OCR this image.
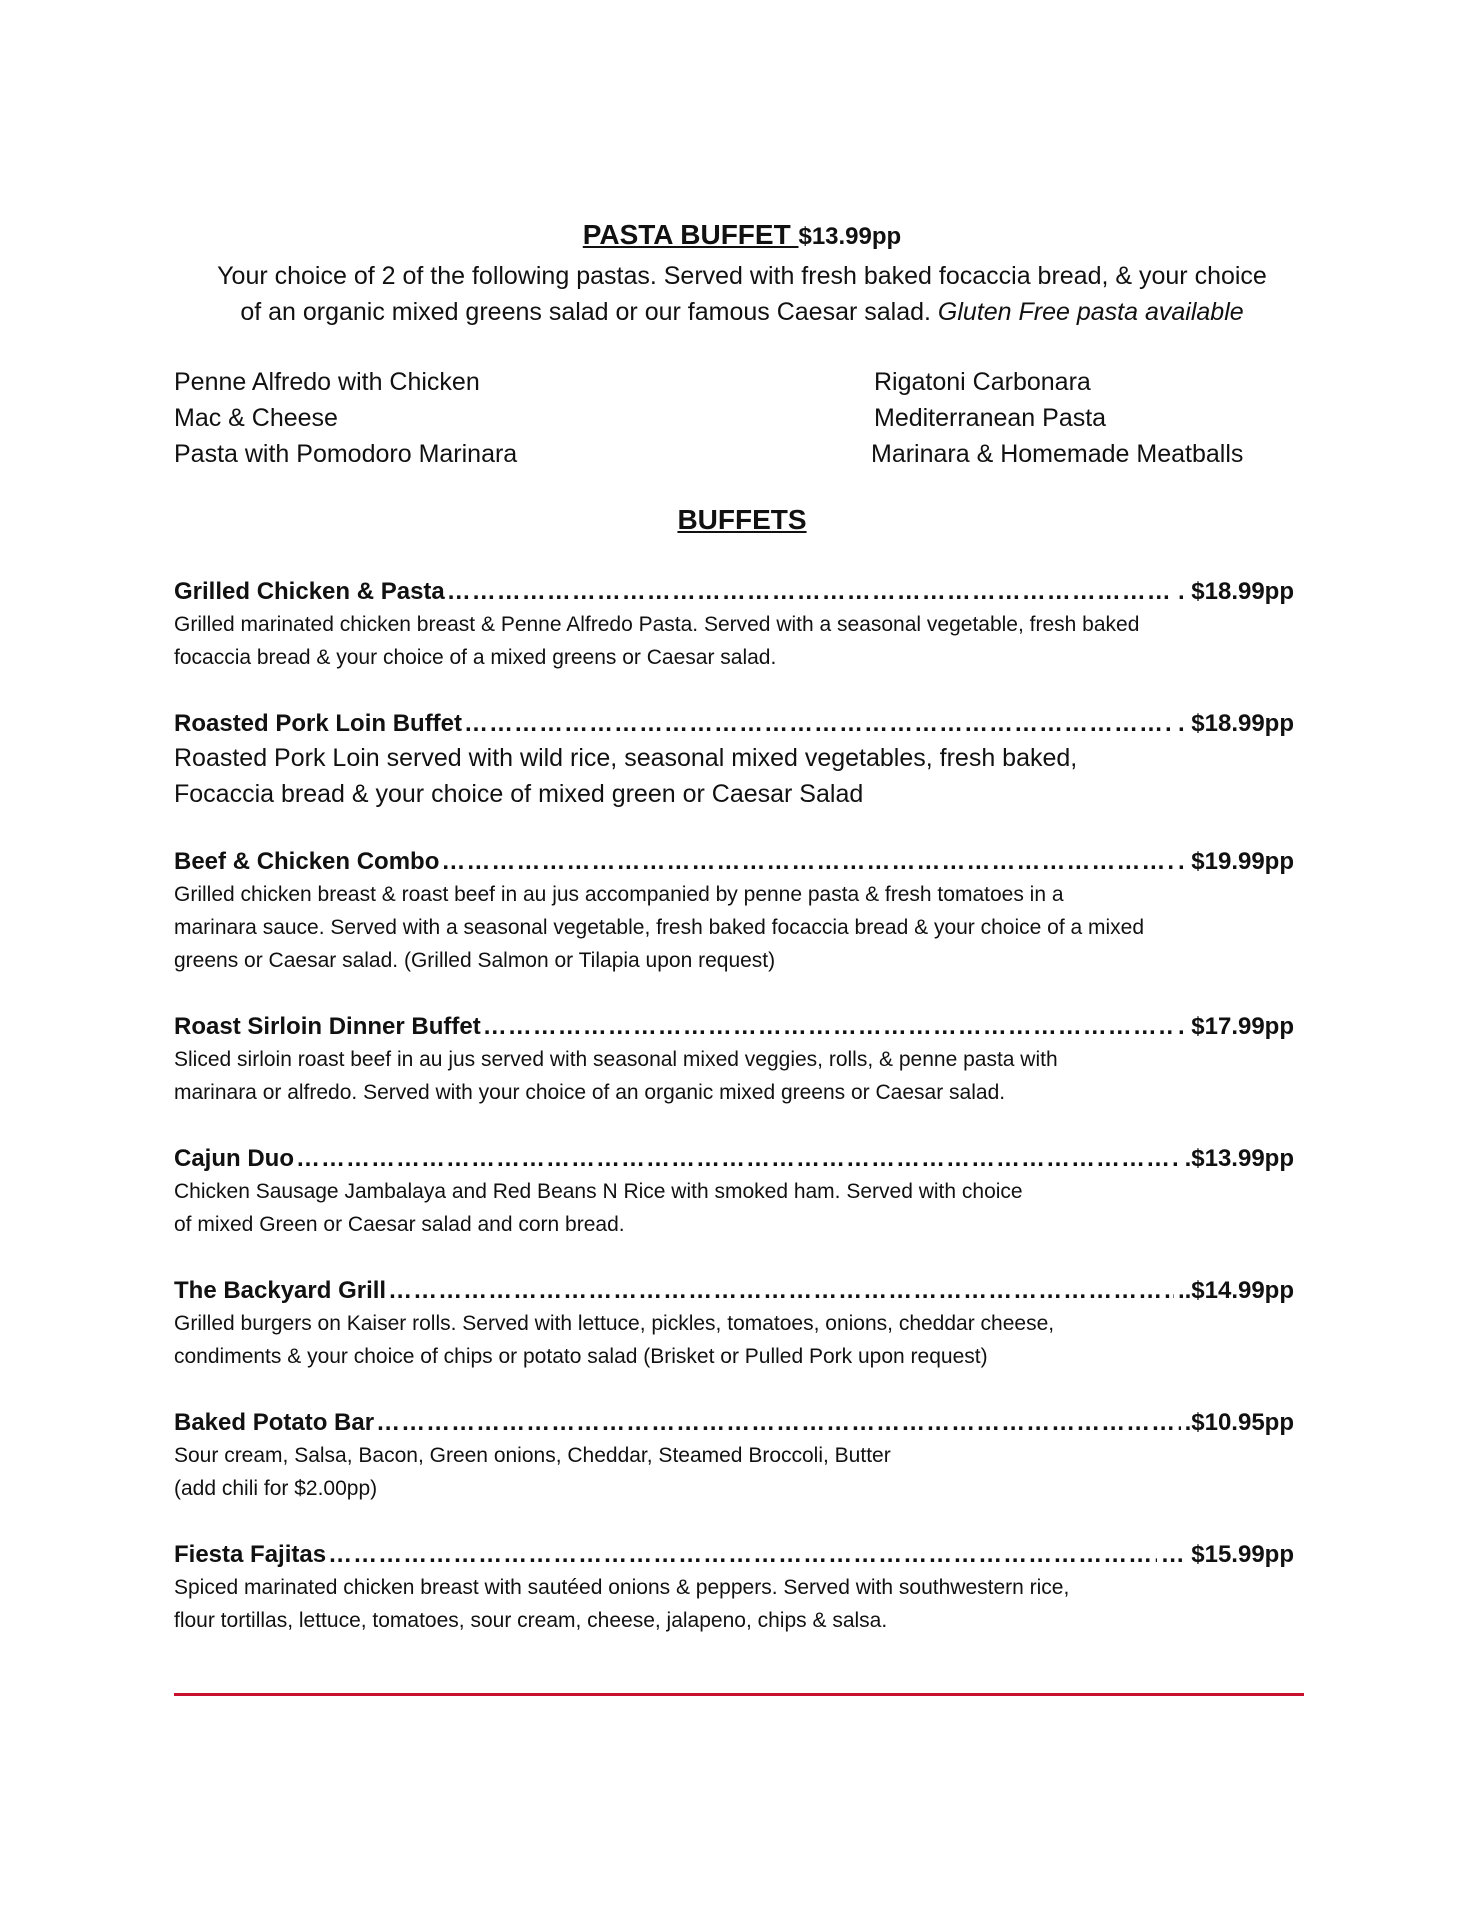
PASTA BUFFET $13.99pp
Your choice of 2 of the following pastas. Served with fresh baked focaccia bread, & your choice
of an organic mixed greens salad or our famous Caesar salad. Gluten Free pasta available
Penne Alfredo with Chicken
Mac & Cheese
Pasta with Pomodoro Marinara
Rigatoni Carbonara
Mediterranean Pasta
Marinara & Homemade Meatballs
BUFFETS
Grilled Chicken & Pasta ……………………………………………………………………………………………………………………………………………………………………………………………………………………	. $18.99pp
Grilled marinated chicken breast & Penne Alfredo Pasta. Served with a seasonal vegetable, fresh baked
focaccia bread & your choice of a mixed greens or Caesar salad.
Roasted Pork Loin Buffet ……………………………………………………………………………………………………………………………………………………………………………………………………………………	. $18.99pp
Roasted Pork Loin served with wild rice, seasonal mixed vegetables, fresh baked,
Focaccia bread & your choice of mixed green or Caesar Salad
Beef & Chicken Combo ……………………………………………………………………………………………………………………………………………………………………………………………………………………	. $19.99pp
Grilled chicken breast & roast beef in au jus accompanied by penne pasta & fresh tomatoes in a
marinara sauce. Served with a seasonal vegetable, fresh baked focaccia bread & your choice of a mixed
greens or Caesar salad. (Grilled Salmon or Tilapia upon request)
Roast Sirloin Dinner Buffet ……………………………………………………………………………………………………………………………………………………………………………………………………………………	. $17.99pp
Sliced sirloin roast beef in au jus served with seasonal mixed veggies, rolls, & penne pasta with
marinara or alfredo. Served with your choice of an organic mixed greens or Caesar salad.
Cajun Duo ……………………………………………………………………………………………………………………………………………………………………………………………………………………	.$13.99pp
Chicken Sausage Jambalaya and Red Beans N Rice with smoked ham. Served with choice
of mixed Green or Caesar salad and corn bread.
The Backyard Grill ……………………………………………………………………………………………………………………………………………………………………………………………………………………	..$14.99pp
Grilled burgers on Kaiser rolls. Served with lettuce, pickles, tomatoes, onions, cheddar cheese,
condiments & your choice of chips or potato salad (Brisket or Pulled Pork upon request)
Baked Potato Bar ……………………………………………………………………………………………………………………………………………………………………………………………………………………	.$10.95pp
Sour cream, Salsa, Bacon, Green onions, Cheddar, Steamed Broccoli, Butter
(add chili for $2.00pp)
Fiesta Fajitas ……………………………………………………………………………………………………………………………………………………………………………………………………………………	… $15.99pp
Spiced marinated chicken breast with sautéed onions & peppers. Served with southwestern rice,
flour tortillas, lettuce, tomatoes, sour cream, cheese, jalapeno, chips & salsa.
